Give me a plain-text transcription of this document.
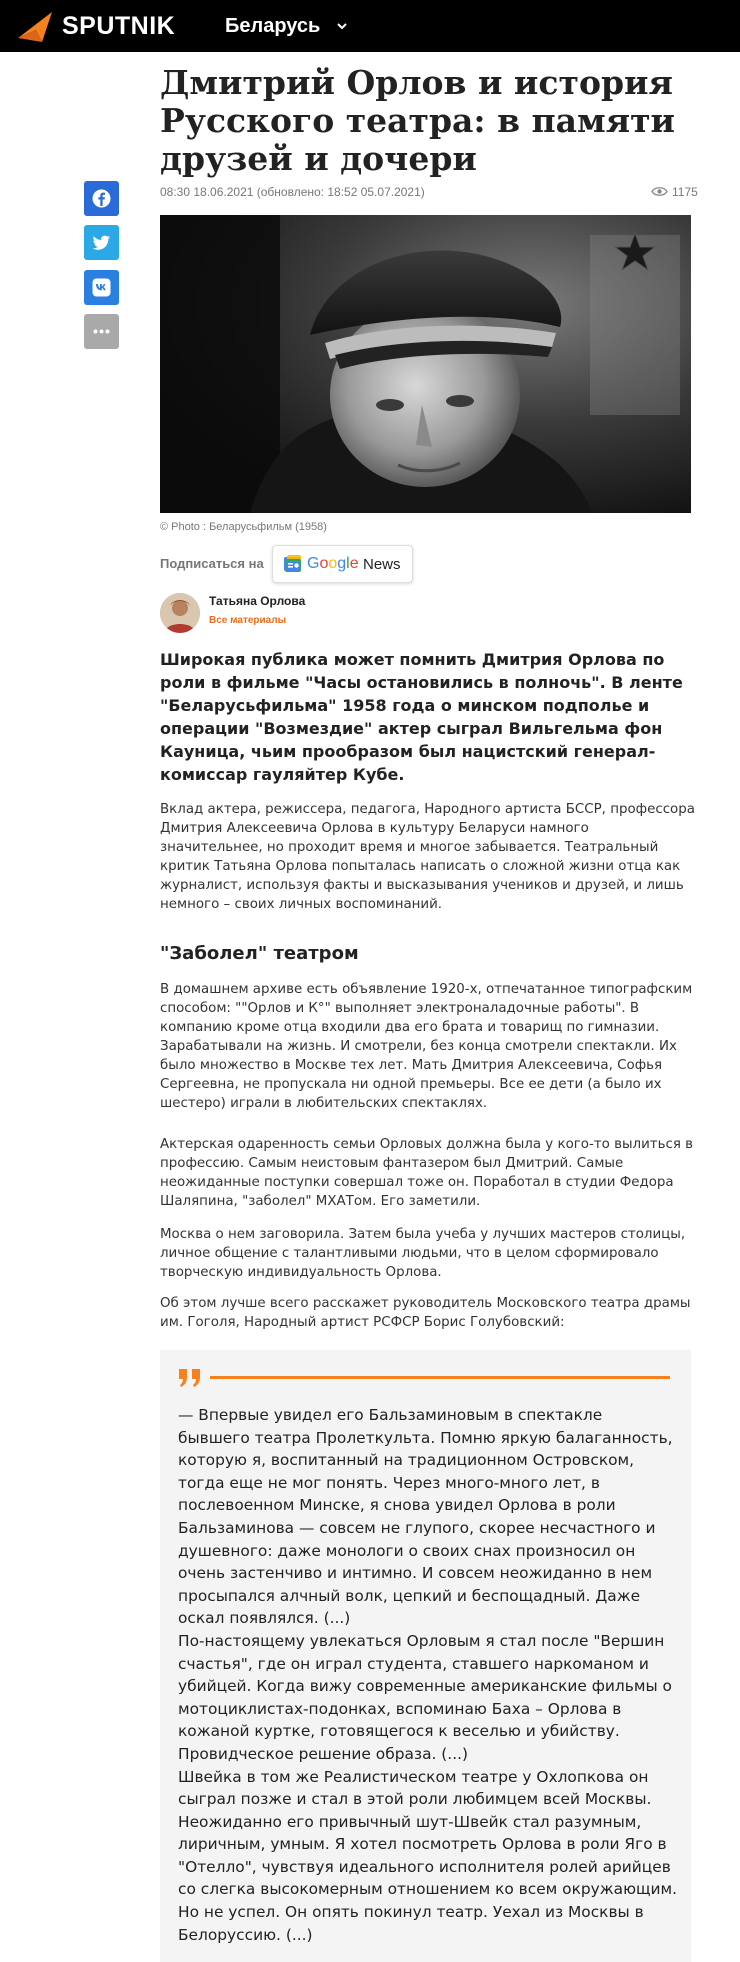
SPUTNIK Беларусь
Дмитрий Орлов и история Русского театра: в памяти друзей и дочери
08:30 18.06.2021 (обновлено: 18:52 05.07.2021)	1175
© Photo : Беларусьфильм (1958)
Подписаться на	Google News
Татьяна Орлова
Все материалы

Широкая публика может помнить Дмитрия Орлова по роли в фильме "Часы остановились в полночь". В ленте "Беларусьфильма" 1958 года о минском подполье и операции "Возмездие" актер сыграл Вильгельма фон Кауница, чьим прообразом был нацистский генерал-комиссар гауляйтер Кубе.

Вклад актера, режиссера, педагога, Народного артиста БССР, профессора Дмитрия Алексеевича Орлова в культуру Беларуси намного значительнее, но проходит время и многое забывается. Театральный критик Татьяна Орлова попыталась написать о сложной жизни отца как журналист, используя факты и высказывания учеников и друзей, и лишь немного – своих личных воспоминаний.

"Заболел" театром

В домашнем архиве есть объявление 1920-х, отпечатанное типографским способом: ""Орлов и К°" выполняет электроналадочные работы". В компанию кроме отца входили два его брата и товарищ по гимназии. Зарабатывали на жизнь. И смотрели, без конца смотрели спектакли. Их было множество в Москве тех лет. Мать Дмитрия Алексеевича, Софья Сергеевна, не пропускала ни одной премьеры. Все ее дети (а было их шестеро) играли в любительских спектаклях.

Актерская одаренность семьи Орловых должна была у кого-то вылиться в профессию. Самым неистовым фантазером был Дмитрий. Самые неожиданные поступки совершал тоже он. Поработал в студии Федора Шаляпина, "заболел" МХАТом. Его заметили.

Москва о нем заговорила. Затем была учеба у лучших мастеров столицы, личное общение с талантливыми людьми, что в целом сформировало творческую индивидуальность Орлова.

Об этом лучше всего расскажет руководитель Московского театра драмы им. Гоголя, Народный артист РСФСР Борис Голубовский:

— Впервые увидел его Бальзаминовым в спектакле бывшего театра Пролеткульта. Помню яркую балаганность, которую я, воспитанный на традиционном Островском, тогда еще не мог понять. Через много-много лет, в послевоенном Минске, я снова увидел Орлова в роли Бальзаминова — совсем не глупого, скорее несчастного и душевного: даже монологи о своих снах произносил он очень застенчиво и интимно. И совсем неожиданно в нем просыпался алчный волк, цепкий и беспощадный. Даже оскал появлялся. (...)
По-настоящему увлекаться Орловым я стал после "Вершин счастья", где он играл студента, ставшего наркоманом и убийцей. Когда вижу современные американские фильмы о мотоциклистах-подонках, вспоминаю Баха – Орлова в кожаной куртке, готовящегося к веселью и убийству. Провидческое решение образа. (...)
Швейка в том же Реалистическом театре у Охлопкова он сыграл позже и стал в этой роли любимцем всей Москвы. Неожиданно его привычный шут-Швейк стал разумным, лиричным, умным. Я хотел посмотреть Орлова в роли Яго в "Отелло", чувствуя идеального исполнителя ролей арийцев со слегка высокомерным отношением ко всем окружающим. Но не успел. Он опять покинул театр. Уехал из Москвы в Белоруссию. (...)
